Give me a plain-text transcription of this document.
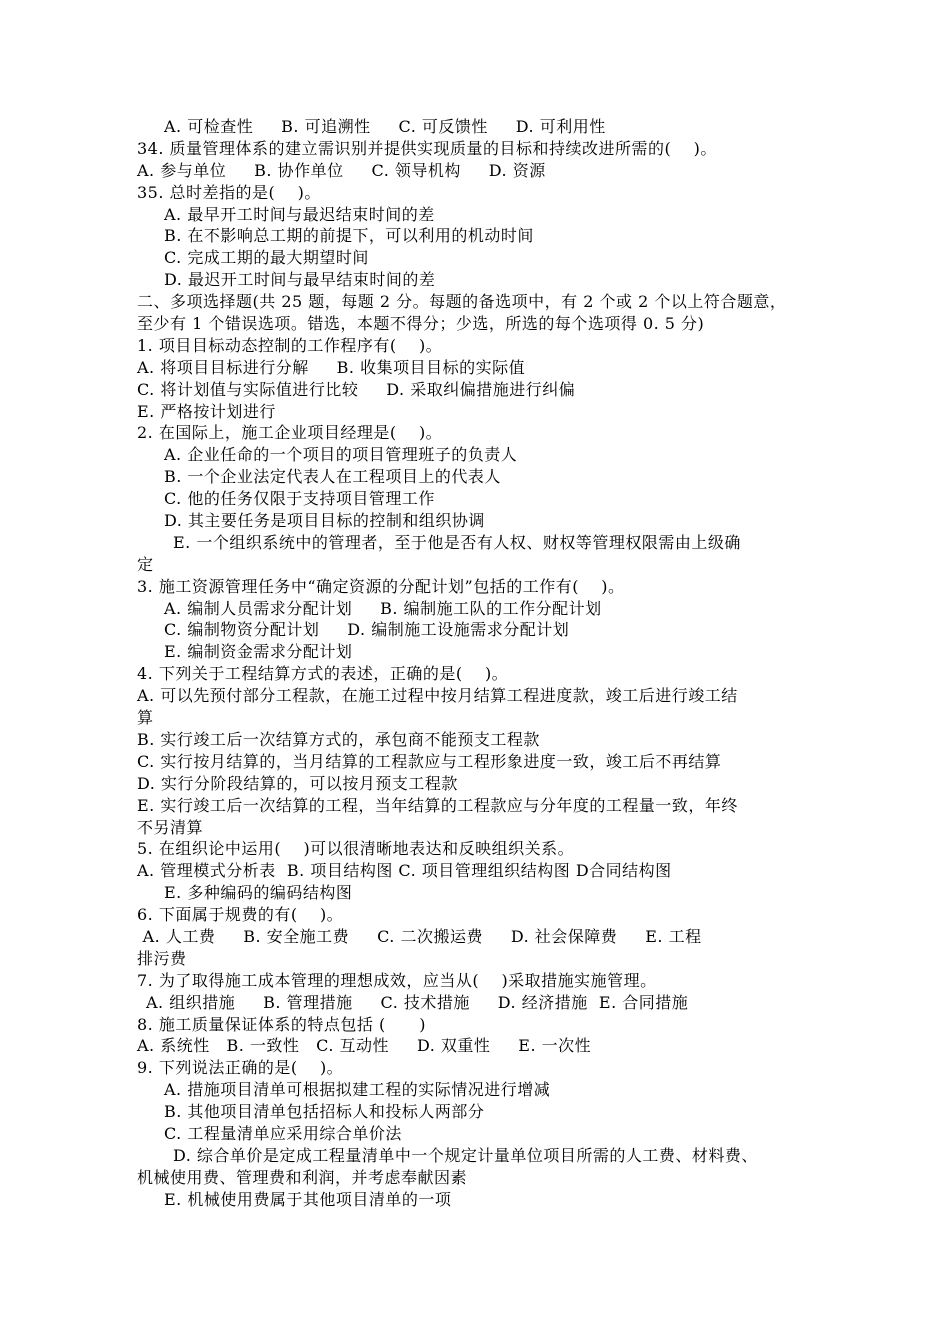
A. 可检查性     B. 可追溯性     C. 可反馈性     D. 可利用性
34. 质量管理体系的建立需识别并提供实现质量的目标和持续改进所需的(    )。
A. 参与单位     B. 协作单位     C. 领导机构     D. 资源
35. 总时差指的是(    )。
A. 最早开工时间与最迟结束时间的差
B. 在不影响总工期的前提下，可以利用的机动时间
C. 完成工期的最大期望时间
D. 最迟开工时间与最早结束时间的差
二、多项选择题(共 25 题，每题 2 分。每题的备选项中，有 2 个或 2 个以上符合题意，
至少有 1 个错误选项。错选，本题不得分；少选，所选的每个选项得 0. 5 分)
1. 项目目标动态控制的工作程序有(    )。
A. 将项目目标进行分解     B. 收集项目目标的实际值
C. 将计划值与实际值进行比较     D. 采取纠偏措施进行纠偏
E. 严格按计划进行
2. 在国际上，施工企业项目经理是(    )。
A. 企业任命的一个项目的项目管理班子的负责人
B. 一个企业法定代表人在工程项目上的代表人
C. 他的任务仅限于支持项目管理工作
D. 其主要任务是项目目标的控制和组织协调
E. 一个组织系统中的管理者，至于他是否有人权、财权等管理权限需由上级确
定
3. 施工资源管理任务中“确定资源的分配计划”包括的工作有(    )。
A. 编制人员需求分配计划     B. 编制施工队的工作分配计划
C. 编制物资分配计划     D. 编制施工设施需求分配计划
E. 编制资金需求分配计划
4. 下列关于工程结算方式的表述，正确的是(    )。
A. 可以先预付部分工程款，在施工过程中按月结算工程进度款，竣工后进行竣工结
算
B. 实行竣工后一次结算方式的，承包商不能预支工程款
C. 实行按月结算的，当月结算的工程款应与工程形象进度一致，竣工后不再结算
D. 实行分阶段结算的，可以按月预支工程款
E. 实行竣工后一次结算的工程，当年结算的工程款应与分年度的工程量一致，年终
不另清算
5. 在组织论中运用(    )可以很清晰地表达和反映组织关系。
A. 管理模式分析表  B. 项目结构图 C. 项目管理组织结构图 D合同结构图
E. 多种编码的编码结构图
6. 下面属于规费的有(    )。
A. 人工费     B. 安全施工费     C. 二次搬运费     D. 社会保障费     E. 工程
排污费
7. 为了取得施工成本管理的理想成效，应当从(    )采取措施实施管理。
A. 组织措施     B. 管理措施     C. 技术措施     D. 经济措施  E. 合同措施
8. 施工质量保证体系的特点包括 (      )
A. 系统性   B. 一致性   C. 互动性     D. 双重性     E. 一次性
9. 下列说法正确的是(    )。
A. 措施项目清单可根据拟建工程的实际情况进行增减
B. 其他项目清单包括招标人和投标人两部分
C. 工程量清单应采用综合单价法
D. 综合单价是定成工程量清单中一个规定计量单位项目所需的人工费、材料费、
机械使用费、管理费和利润，并考虑奉献因素
E. 机械使用费属于其他项目清单的一项
